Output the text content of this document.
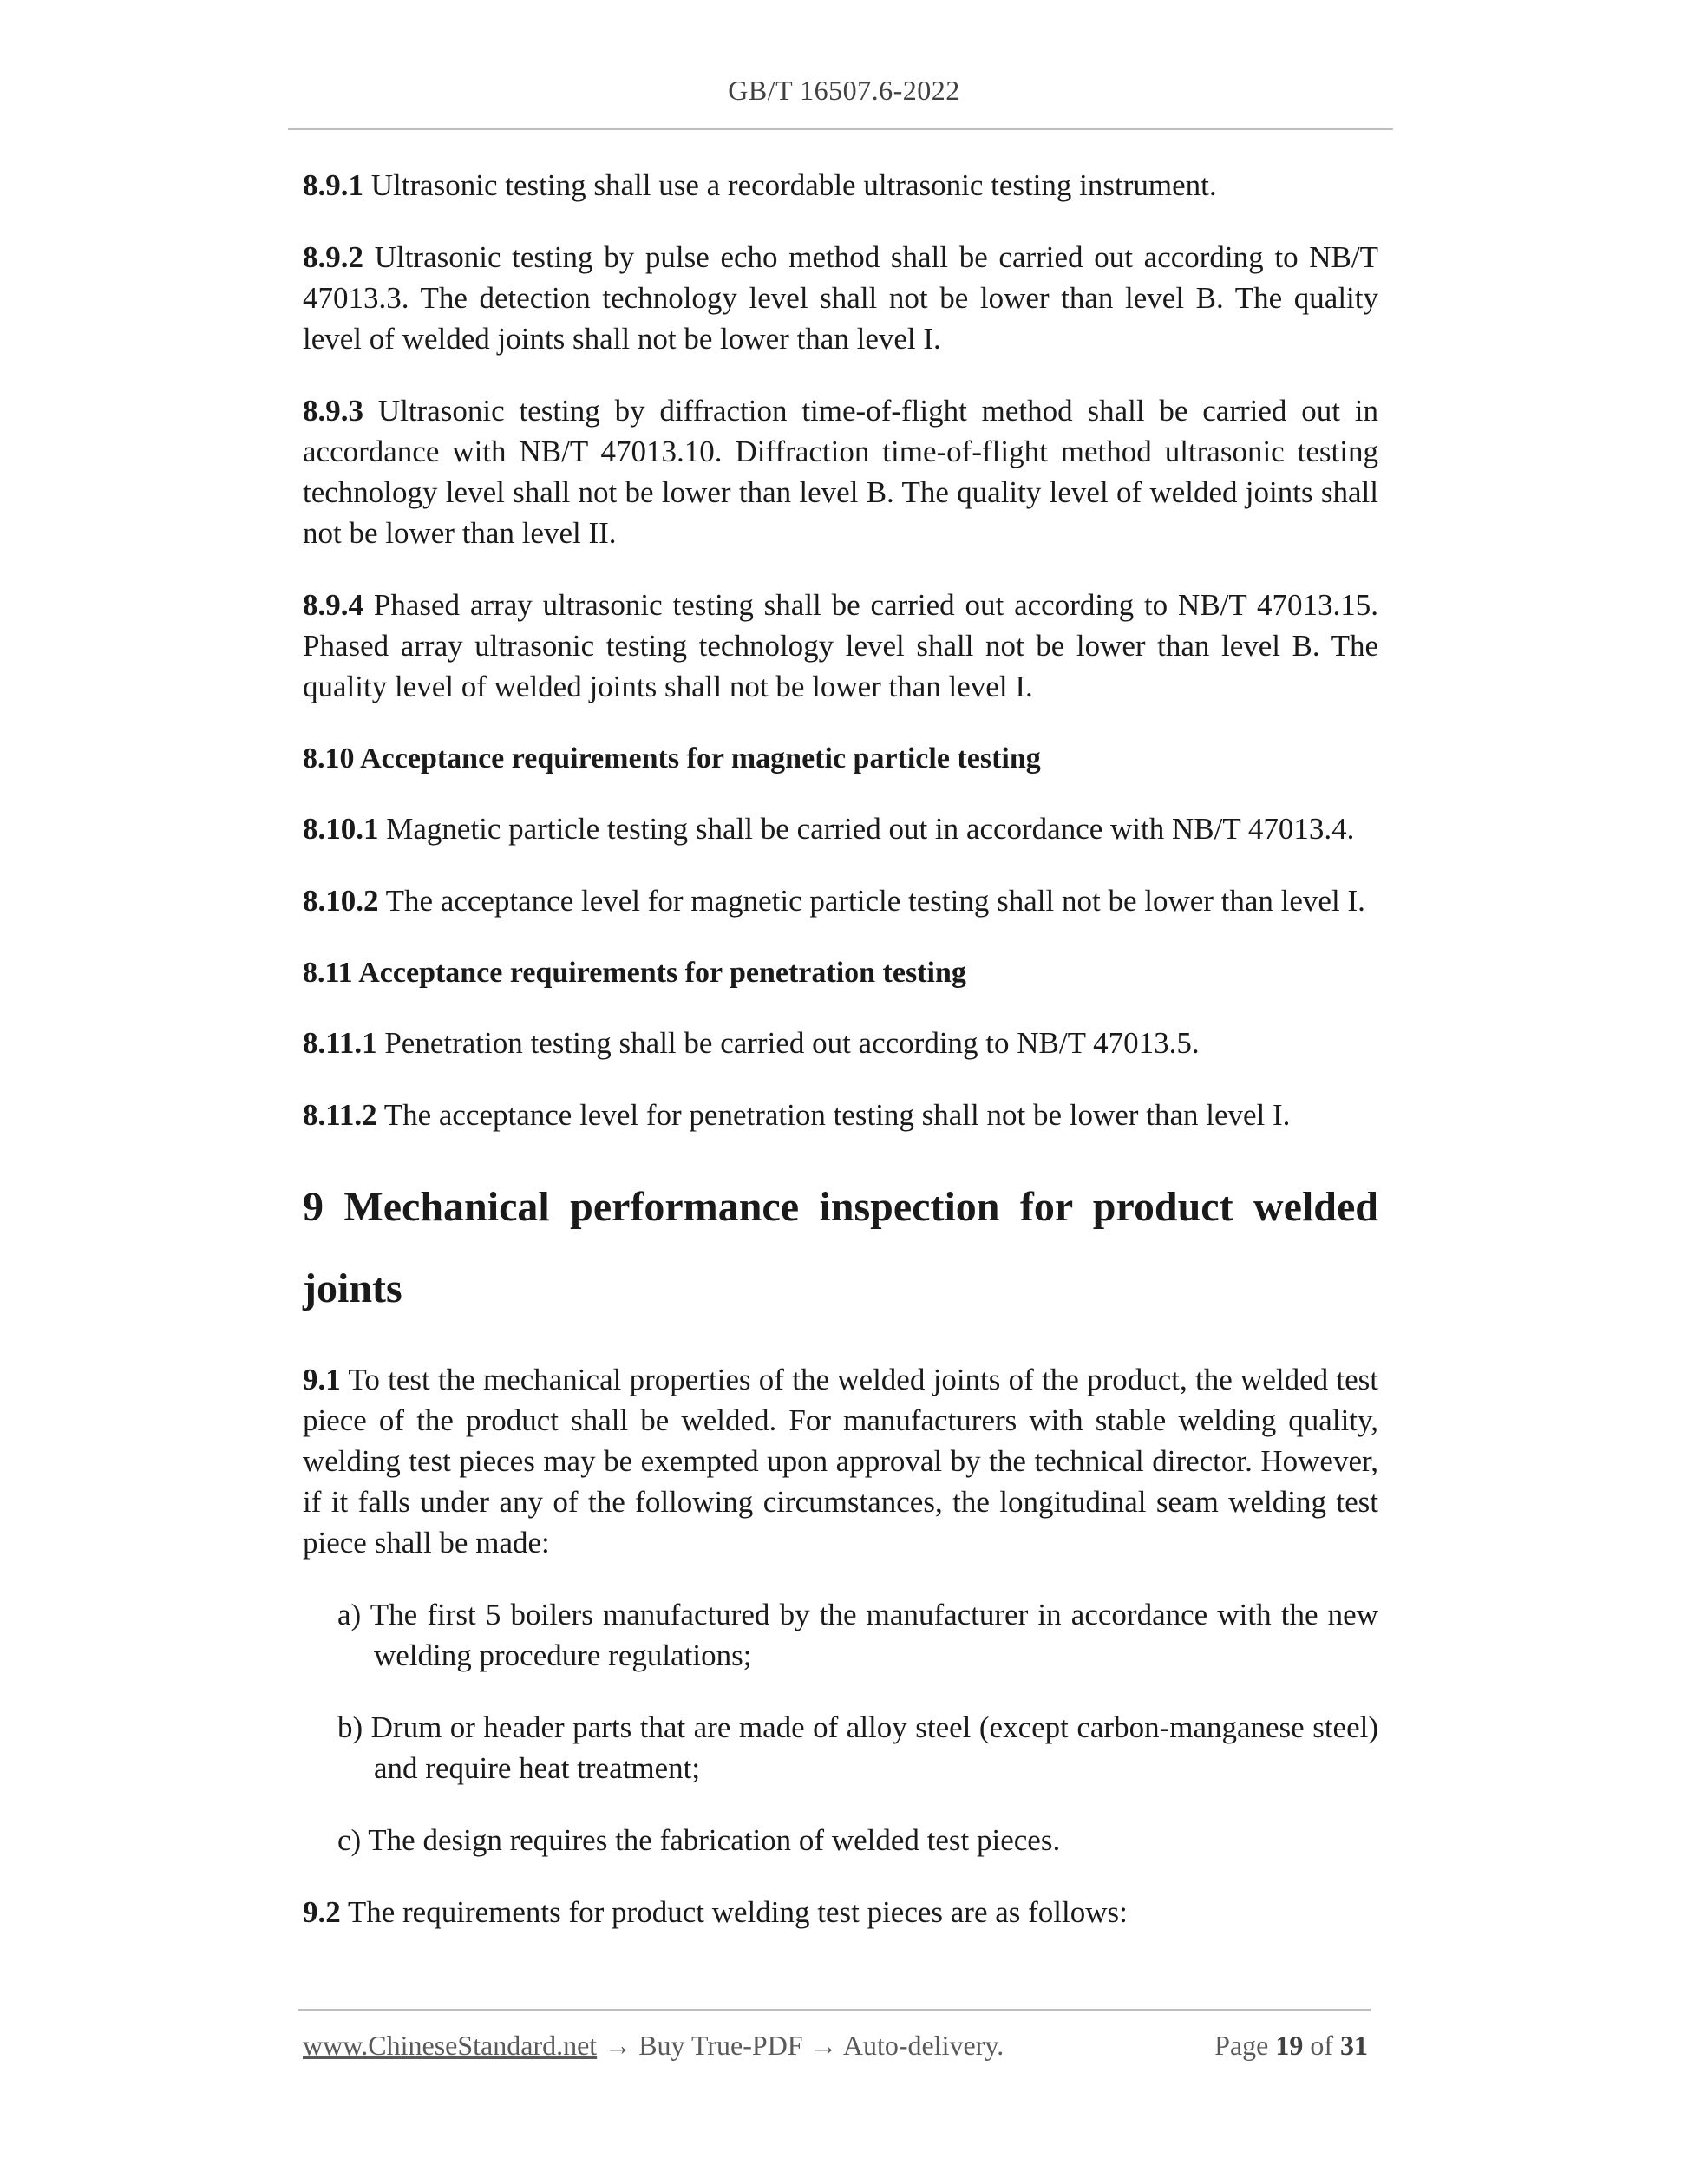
GB/T 16507.6-2022

8.9.1 Ultrasonic testing shall use a recordable ultrasonic testing instrument.

8.9.2 Ultrasonic testing by pulse echo method shall be carried out according to NB/T 47013.3. The detection technology level shall not be lower than level B. The quality level of welded joints shall not be lower than level I.

8.9.3 Ultrasonic testing by diffraction time-of-flight method shall be carried out in accordance with NB/T 47013.10. Diffraction time-of-flight method ultrasonic testing technology level shall not be lower than level B. The quality level of welded joints shall not be lower than level II.

8.9.4 Phased array ultrasonic testing shall be carried out according to NB/T 47013.15. Phased array ultrasonic testing technology level shall not be lower than level B. The quality level of welded joints shall not be lower than level I.

8.10 Acceptance requirements for magnetic particle testing

8.10.1 Magnetic particle testing shall be carried out in accordance with NB/T 47013.4.

8.10.2 The acceptance level for magnetic particle testing shall not be lower than level I.

8.11 Acceptance requirements for penetration testing

8.11.1 Penetration testing shall be carried out according to NB/T 47013.5.

8.11.2 The acceptance level for penetration testing shall not be lower than level I.

9 Mechanical performance inspection for product welded joints

9.1 To test the mechanical properties of the welded joints of the product, the welded test piece of the product shall be welded. For manufacturers with stable welding quality, welding test pieces may be exempted upon approval by the technical director. However, if it falls under any of the following circumstances, the longitudinal seam welding test piece shall be made:

a) The first 5 boilers manufactured by the manufacturer in accordance with the new welding procedure regulations;
b) Drum or header parts that are made of alloy steel (except carbon-manganese steel) and require heat treatment;
c) The design requires the fabrication of welded test pieces.

9.2 The requirements for product welding test pieces are as follows:

www.ChineseStandard.net → Buy True-PDF → Auto-delivery.	Page 19 of 31
